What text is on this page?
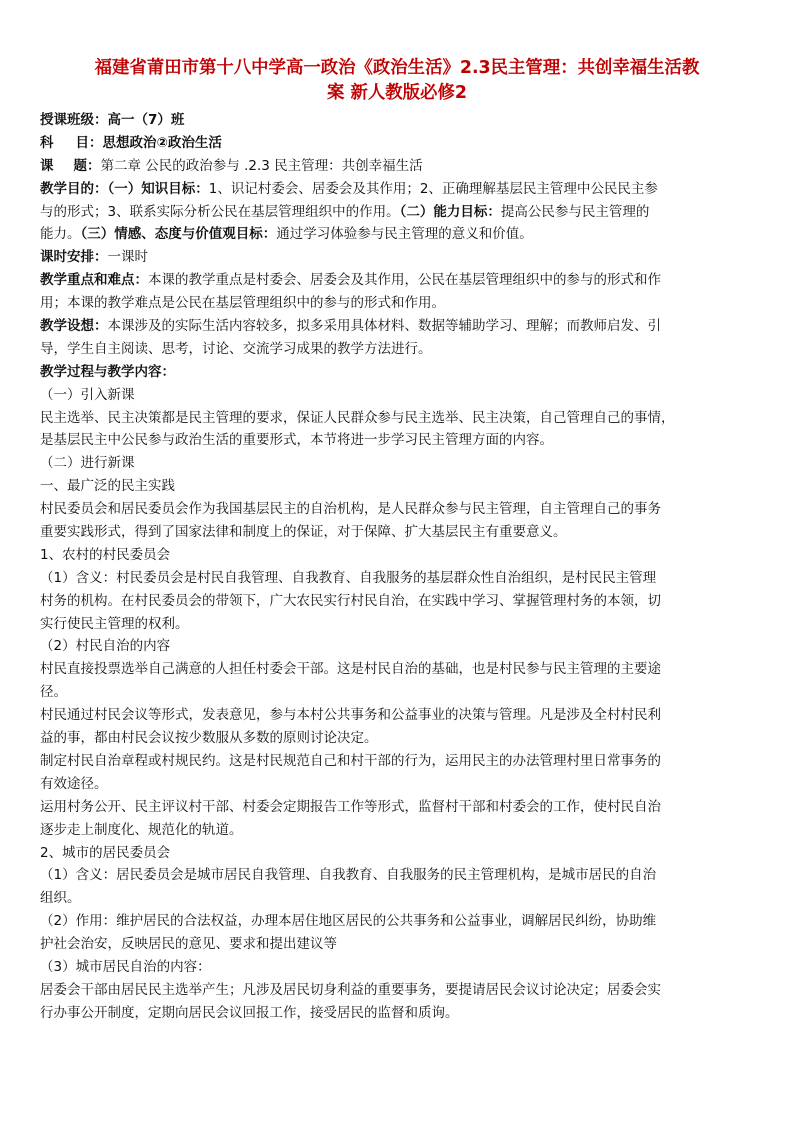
福建省莆田市第十八中学高一政治《政治生活》2.3民主管理：共创幸福生活教
案 新人教版必修2
授课班级：高一（7）班
科 目：思想政治②政治生活
课 题：第二章 公民的政治参与 .2.3 民主管理：共创幸福生活
教学目的：（一）知识目标：1、识记村委会、居委会及其作用；2、正确理解基层民主管理中公民民主参
与的形式；3、联系实际分析公民在基层管理组织中的作用。（二）能力目标：提高公民参与民主管理的
能力。（三）情感、态度与价值观目标：通过学习体验参与民主管理的意义和价值。
课时安排：一课时
教学重点和难点：本课的教学重点是村委会、居委会及其作用，公民在基层管理组织中的参与的形式和作
用；本课的教学难点是公民在基层管理组织中的参与的形式和作用。
教学设想：本课涉及的实际生活内容较多，拟多采用具体材料、数据等辅助学习、理解；而教师启发、引
导，学生自主阅读、思考，讨论、交流学习成果的教学方法进行。
教学过程与教学内容：
（一）引入新课
民主选举、民主决策都是民主管理的要求，保证人民群众参与民主选举、民主决策，自己管理自己的事情，
是基层民主中公民参与政治生活的重要形式，本节将进一步学习民主管理方面的内容。
（二）进行新课
一、最广泛的民主实践
村民委员会和居民委员会作为我国基层民主的自治机构，是人民群众参与民主管理，自主管理自己的事务
重要实践形式，得到了国家法律和制度上的保证，对于保障、扩大基层民主有重要意义。
1、农村的村民委员会
（1）含义：村民委员会是村民自我管理、自我教育、自我服务的基层群众性自治组织，是村民民主管理
村务的机构。在村民委员会的带领下，广大农民实行村民自治，在实践中学习、掌握管理村务的本领，切
实行使民主管理的权利。
（2）村民自治的内容
村民直接投票选举自己满意的人担任村委会干部。这是村民自治的基础，也是村民参与民主管理的主要途
径。
村民通过村民会议等形式，发表意见，参与本村公共事务和公益事业的决策与管理。凡是涉及全村村民利
益的事，都由村民会议按少数服从多数的原则讨论决定。
制定村民自治章程或村规民约。这是村民规范自己和村干部的行为，运用民主的办法管理村里日常事务的
有效途径。
运用村务公开、民主评议村干部、村委会定期报告工作等形式，监督村干部和村委会的工作，使村民自治
逐步走上制度化、规范化的轨道。
2、城市的居民委员会
（1）含义：居民委员会是城市居民自我管理、自我教育、自我服务的民主管理机构，是城市居民的自治
组织。
（2）作用：维护居民的合法权益，办理本居住地区居民的公共事务和公益事业，调解居民纠纷，协助维
护社会治安，反映居民的意见、要求和提出建议等
（3）城市居民自治的内容：
居委会干部由居民民主选举产生；凡涉及居民切身利益的重要事务，要提请居民会议讨论决定；居委会实
行办事公开制度，定期向居民会议回报工作，接受居民的监督和质询。
